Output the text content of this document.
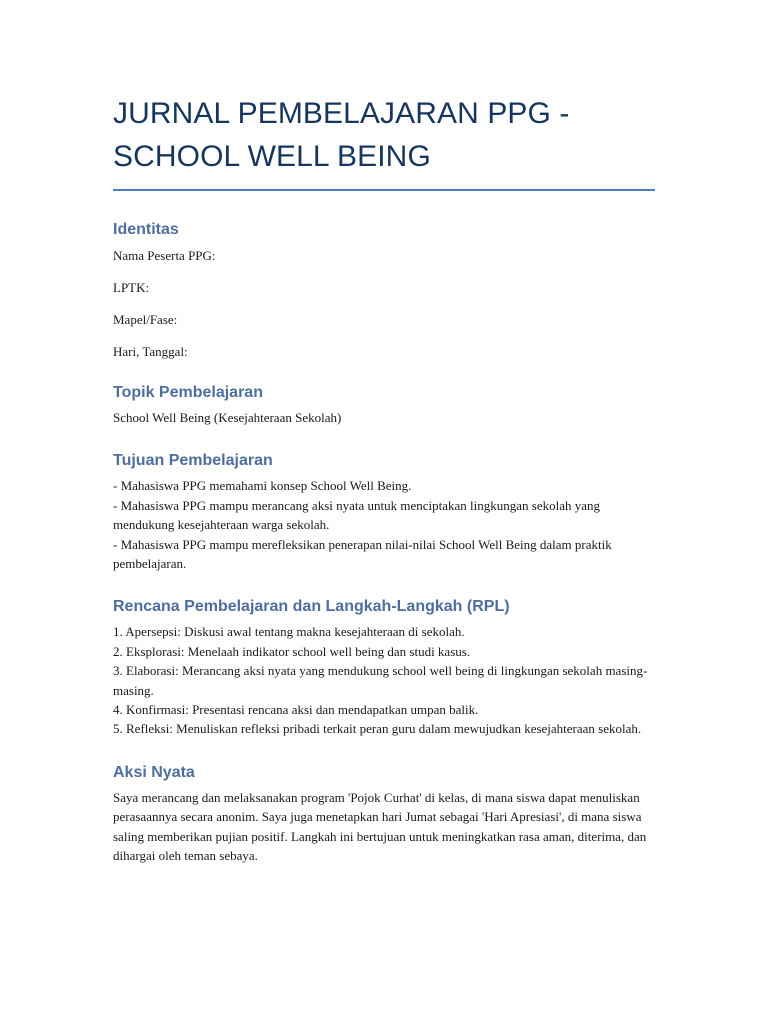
JURNAL PEMBELAJARAN PPG - SCHOOL WELL BEING
Identitas

Nama Peserta PPG:

LPTK:

Mapel/Fase:

Hari, Tanggal:

Topik Pembelajaran

School Well Being (Kesejahteraan Sekolah)

Tujuan Pembelajaran
- Mahasiswa PPG memahami konsep School Well Being.
- Mahasiswa PPG mampu merancang aksi nyata untuk menciptakan lingkungan sekolah yang mendukung kesejahteraan warga sekolah.
- Mahasiswa PPG mampu merefleksikan penerapan nilai-nilai School Well Being dalam praktik pembelajaran.
Rencana Pembelajaran dan Langkah-Langkah (RPL)
1. Apersepsi: Diskusi awal tentang makna kesejahteraan di sekolah.
2. Eksplorasi: Menelaah indikator school well being dan studi kasus.
3. Elaborasi: Merancang aksi nyata yang mendukung school well being di lingkungan sekolah masing-masing.
4. Konfirmasi: Presentasi rencana aksi dan mendapatkan umpan balik.
5. Refleksi: Menuliskan refleksi pribadi terkait peran guru dalam mewujudkan kesejahteraan sekolah.
Aksi Nyata

Saya merancang dan melaksanakan program 'Pojok Curhat' di kelas, di mana siswa dapat menuliskan perasaannya secara anonim. Saya juga menetapkan hari Jumat sebagai 'Hari Apresiasi', di mana siswa saling memberikan pujian positif. Langkah ini bertujuan untuk meningkatkan rasa aman, diterima, dan dihargai oleh teman sebaya.
